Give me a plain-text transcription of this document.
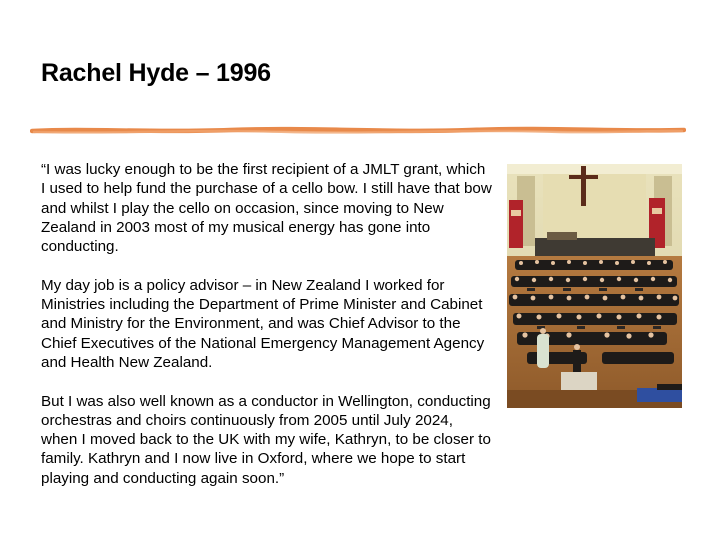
Rachel Hyde – 1996

“I was lucky enough to be the first recipient of a JMLT grant, which I used to help fund the purchase of a cello bow. I still have that bow and whilst I play the cello on occasion, since moving to New Zealand in 2003 most of my musical energy has gone into conducting.

My day job is a policy advisor – in New Zealand I worked for Ministries including the Department of Prime Minister and Cabinet and Ministry for the Environment, and was Chief Advisor to the Chief Executives of the National Emergency Management Agency and Health New Zealand.

But I was also well known as a conductor in Wellington, conducting orchestras and choirs continuously from 2005 until July 2024, when I moved back to the UK with my wife, Kathryn, to be closer to family. Kathryn and I now live in Oxford, where we hope to start playing and conducting again soon.”
